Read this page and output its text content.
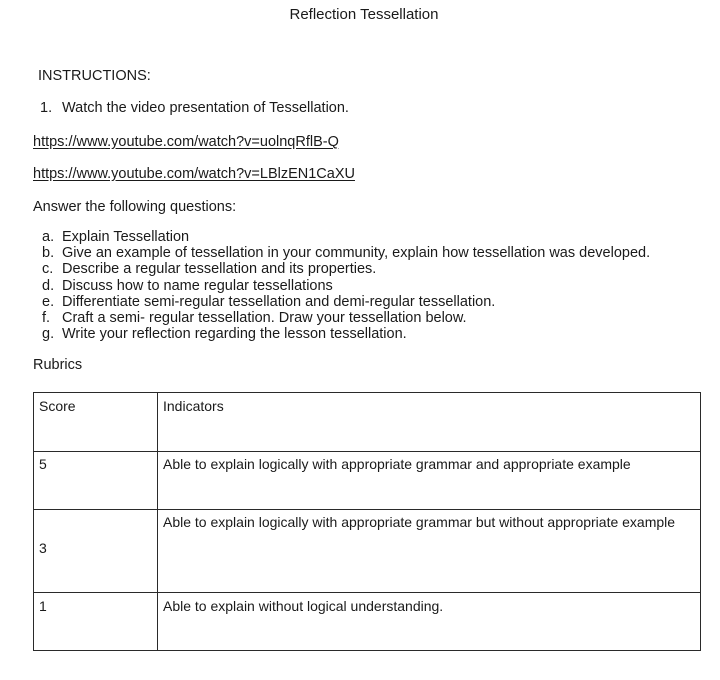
Reflection Tessellation
INSTRUCTIONS:
1. Watch the video presentation of Tessellation.
https://www.youtube.com/watch?v=uolnqRflB-Q
https://www.youtube.com/watch?v=LBlzEN1CaXU
Answer the following questions:
a. Explain Tessellation
b. Give an example of tessellation in your community, explain how tessellation was developed.
c. Describe a regular tessellation and its properties.
d. Discuss how to name regular tessellations
e. Differentiate semi-regular tessellation and demi-regular tessellation.
f. Craft a semi- regular tessellation. Draw your tessellation below.
g. Write your reflection regarding the lesson tessellation.
Rubrics
Score	Indicators
5	Able to explain logically with appropriate grammar and appropriate example
3	Able to explain logically with appropriate grammar but without appropriate example
1	Able to explain without logical understanding.
